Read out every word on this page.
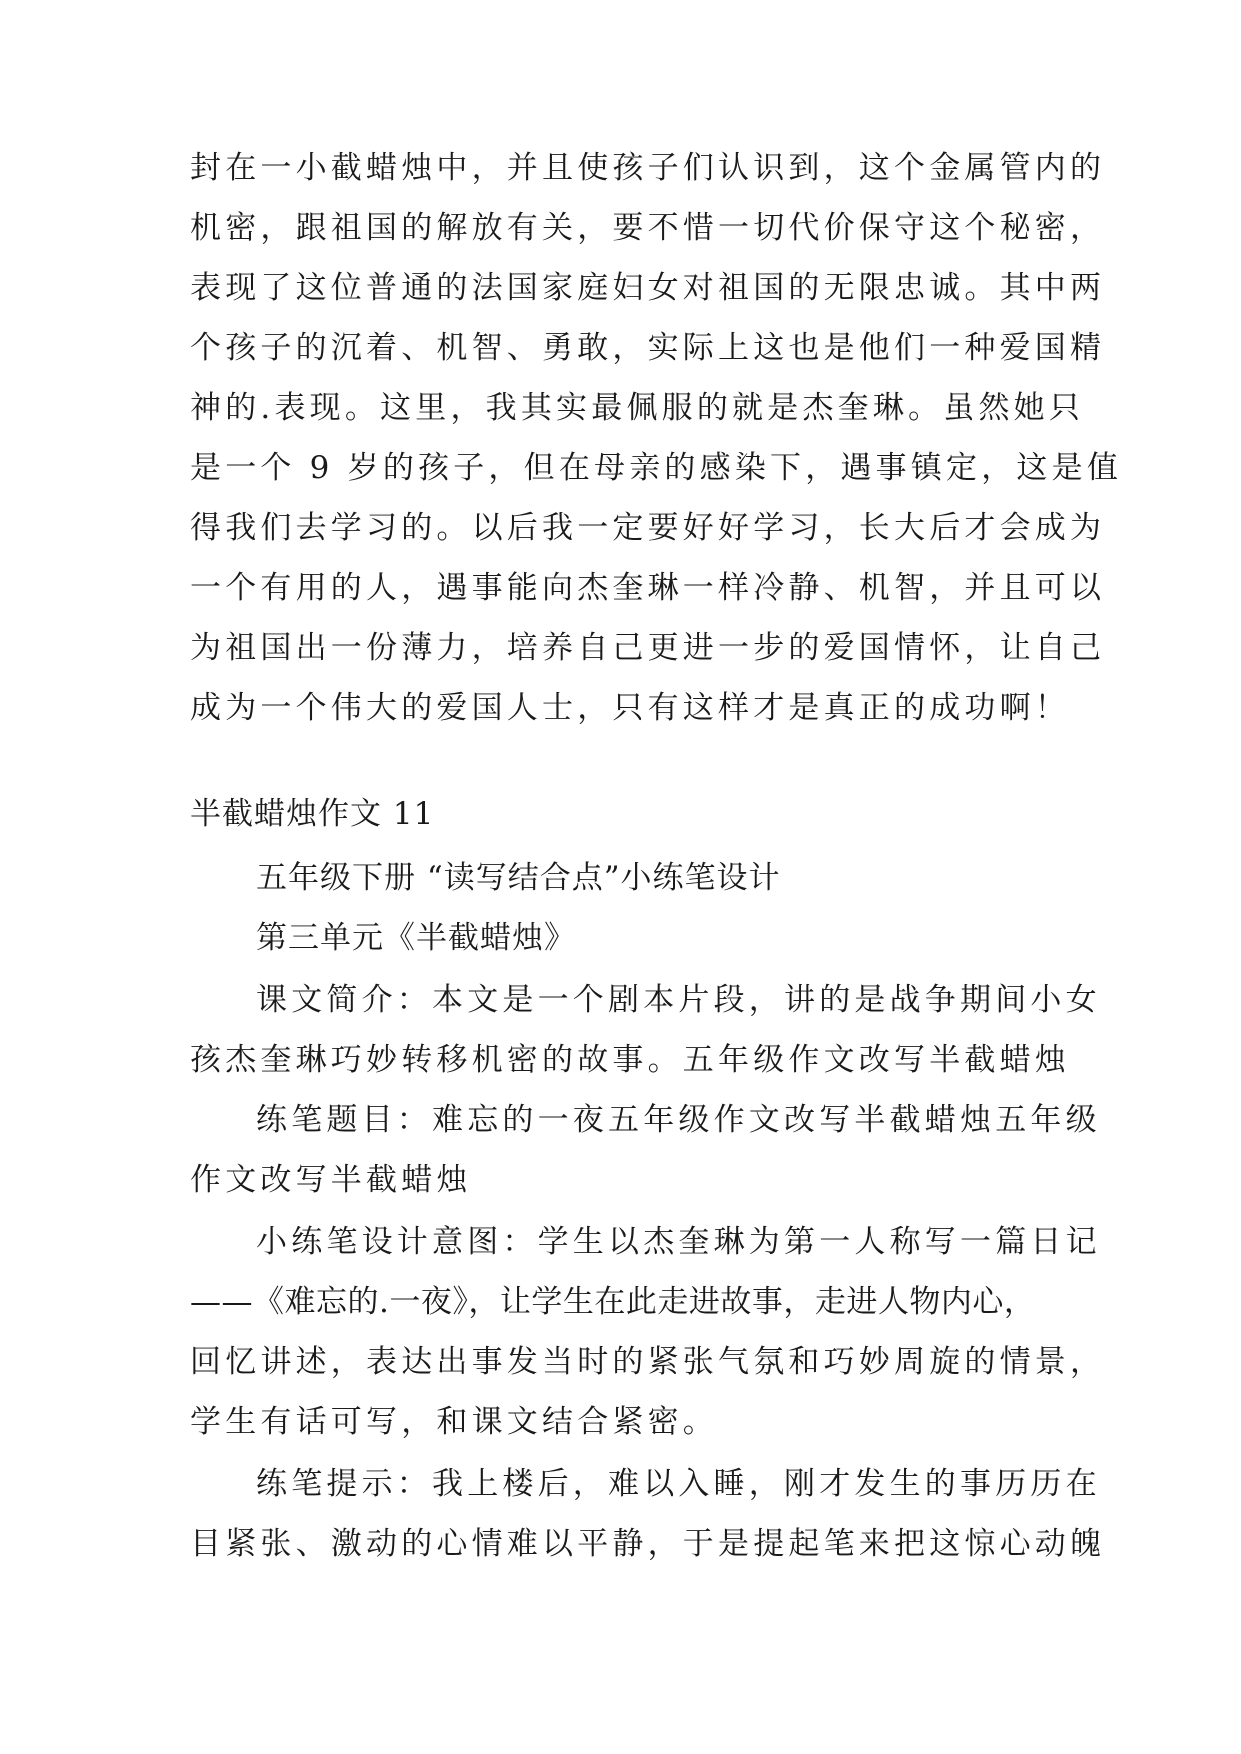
封在一小截蜡烛中，并且使孩子们认识到，这个金属管内的
机密，跟祖国的解放有关，要不惜一切代价保守这个秘密，
表现了这位普通的法国家庭妇女对祖国的无限忠诚。其中两
个孩子的沉着、机智、勇敢，实际上这也是他们一种爱国精
神的.表现。这里，我其实最佩服的就是杰奎琳。虽然她只
是一个 9 岁的孩子，但在母亲的感染下，遇事镇定，这是值
得我们去学习的。以后我一定要好好学习，长大后才会成为
一个有用的人，遇事能向杰奎琳一样冷静、机智，并且可以
为祖国出一份薄力，培养自己更进一步的爱国情怀，让自己
成为一个伟大的爱国人士，只有这样才是真正的成功啊！
半截蜡烛作文 11
五年级下册 “读写结合点”小练笔设计
第三单元《半截蜡烛》
课文简介：本文是一个剧本片段，讲的是战争期间小女
孩杰奎琳巧妙转移机密的故事。五年级作文改写半截蜡烛
练笔题目：难忘的一夜五年级作文改写半截蜡烛五年级
作文改写半截蜡烛
小练笔设计意图：学生以杰奎琳为第一人称写一篇日记
——《难忘的.一夜》，让学生在此走进故事，走进人物内心，
回忆讲述，表达出事发当时的紧张气氛和巧妙周旋的情景，
学生有话可写，和课文结合紧密。
练笔提示：我上楼后，难以入睡，刚才发生的事历历在
目紧张、激动的心情难以平静，于是提起笔来把这惊心动魄
